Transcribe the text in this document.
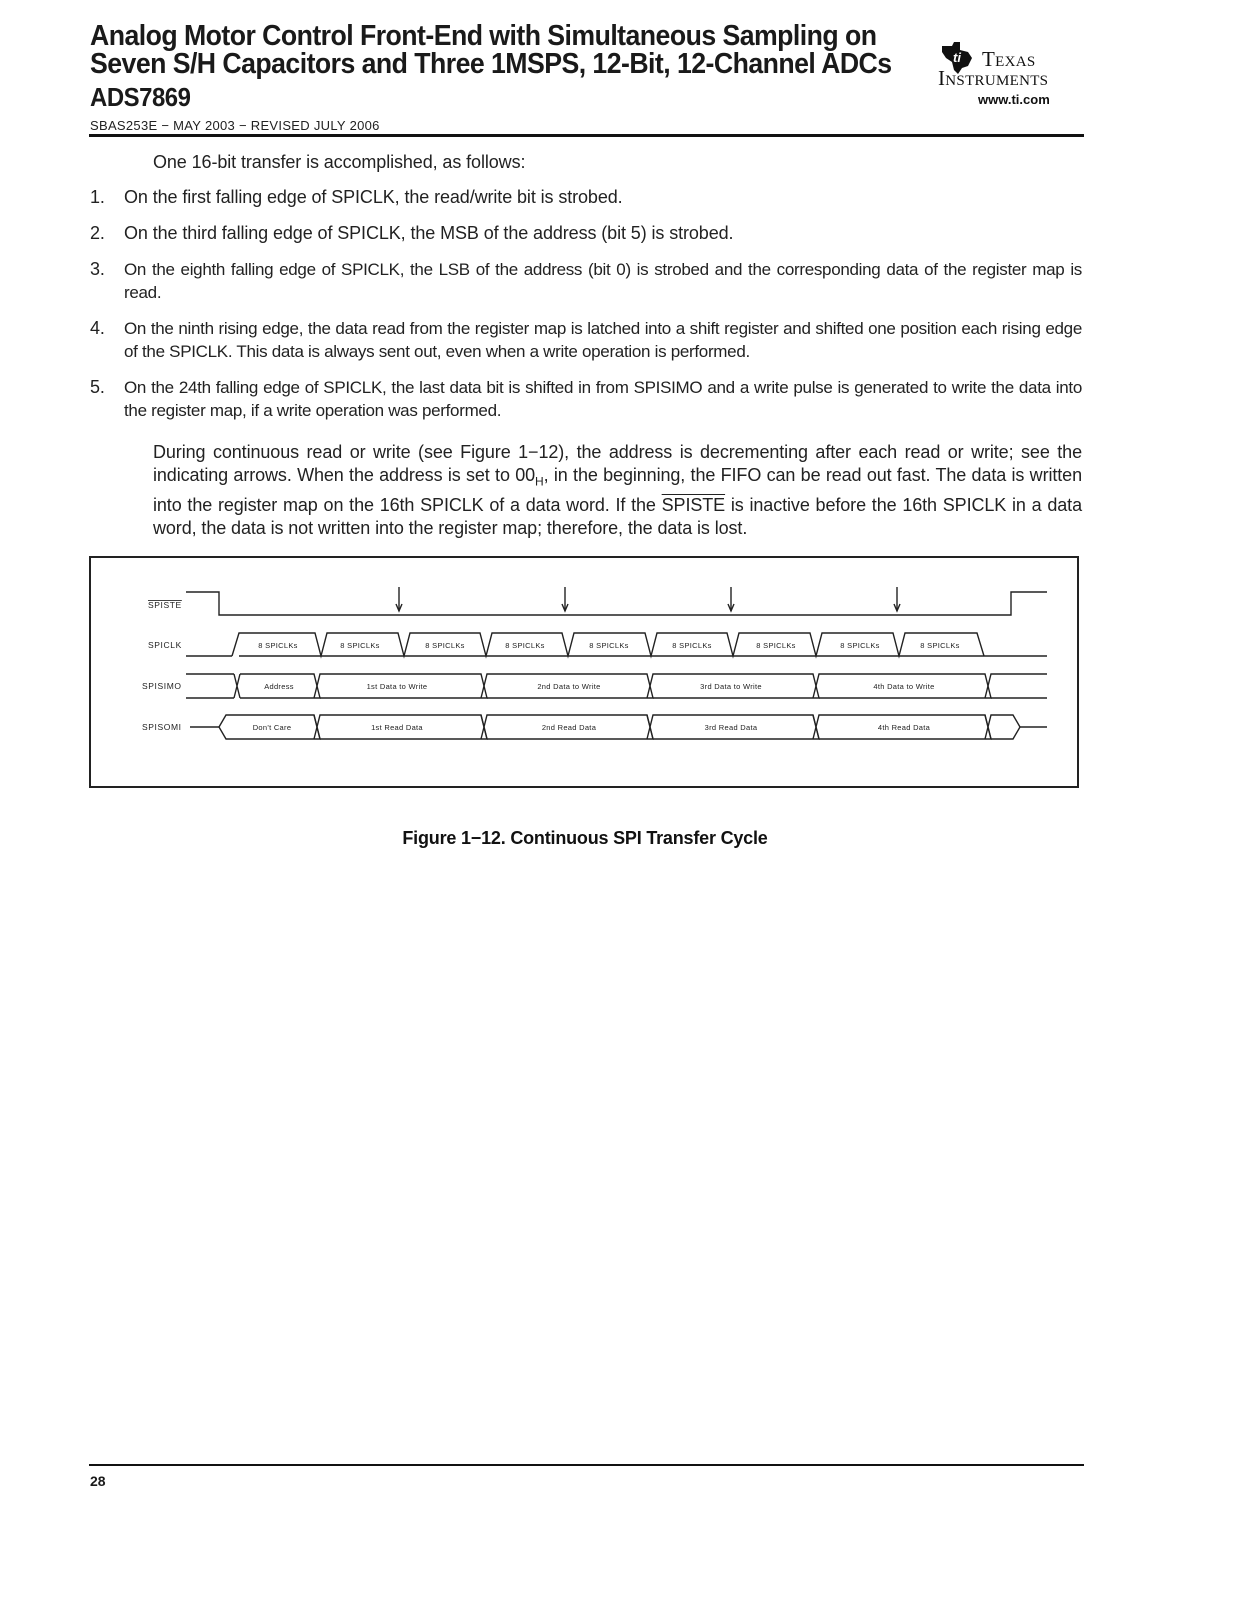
Analog Motor Control Front-End with Simultaneous Sampling on
Seven S/H Capacitors and Three 1MSPS, 12-Bit, 12-Channel ADCs
ADS7869
SBAS253E − MAY 2003 − REVISED JULY 2006
ti	Texas
Instruments
www.ti.com
One 16-bit transfer is accomplished, as follows:
1. On the first falling edge of SPICLK, the read/write bit is strobed.
2. On the third falling edge of SPICLK, the MSB of the address (bit 5) is strobed.
3. On the eighth falling edge of SPICLK, the LSB of the address (bit 0) is strobed and the corresponding data of the register map is read.
4. On the ninth rising edge, the data read from the register map is latched into a shift register and shifted one position each rising edge of the SPICLK. This data is always sent out, even when a write operation is performed.
5. On the 24th falling edge of SPICLK, the last data bit is shifted in from SPISIMO and a write pulse is generated to write the data into the register map, if a write operation was performed.
During continuous read or write (see Figure 1−12), the address is decrementing after each read or write; see the indicating arrows. When the address is set to $00_H$, in the beginning, the FIFO can be read out fast. The data is written into the register map on the 16th SPICLK of a data word. If the SPISTE is inactive before the 16th SPICLK in a data word, the data is not written into the register map; therefore, the data is lost.
SPISTE
SPICLK
SPISIMO
SPISOMI
8 SPICLKs	8 SPICLKs	8 SPICLKs	8 SPICLKs	8 SPICLKs	8 SPICLKs	8 SPICLKs	8 SPICLKs	8 SPICLKs
Address	1st Data to Write	2nd Data to Write	3rd Data to Write	4th Data to Write
Don't Care	1st Read Data	2nd Read Data	3rd Read Data	4th Read Data
Figure 1−12. Continuous SPI Transfer Cycle
28
